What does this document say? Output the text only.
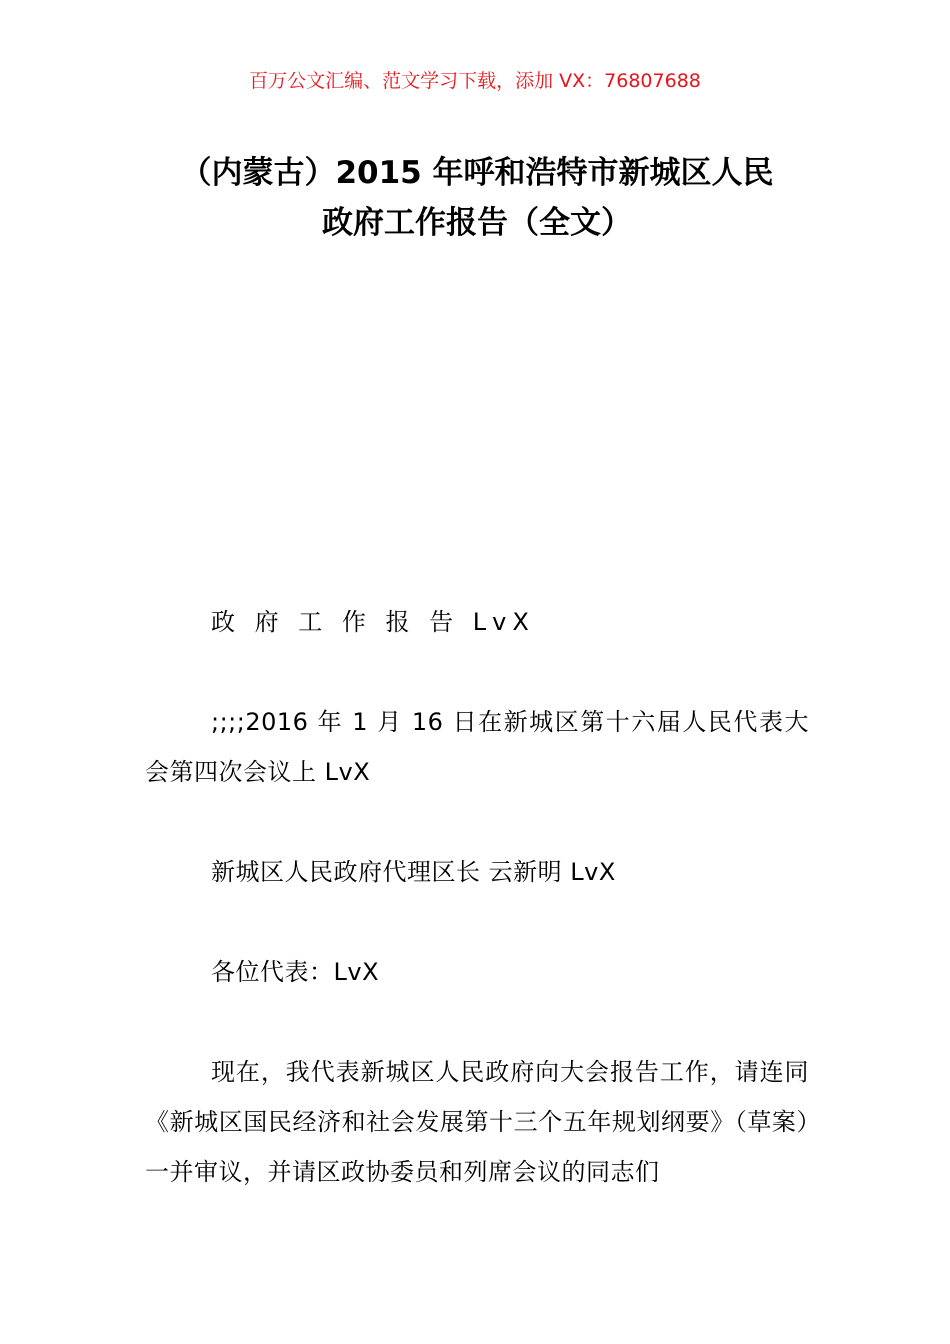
百万公文汇编、范文学习下载，添加 VX：76807688
（内蒙古）2015 年呼和浩特市新城区人民
政府工作报告（全文）

政 府 工 作 报 告 LvX

;;;;2016 年 1 月 16 日在新城区第十六届人民代表大会第四次会议上 LvX

新城区人民政府代理区长 云新明 LvX

各位代表：LvX

现在，我代表新城区人民政府向大会报告工作，请连同《新城区国民经济和社会发展第十三个五年规划纲要》（草案）一并审议，并请区政协委员和列席会议的同志们
